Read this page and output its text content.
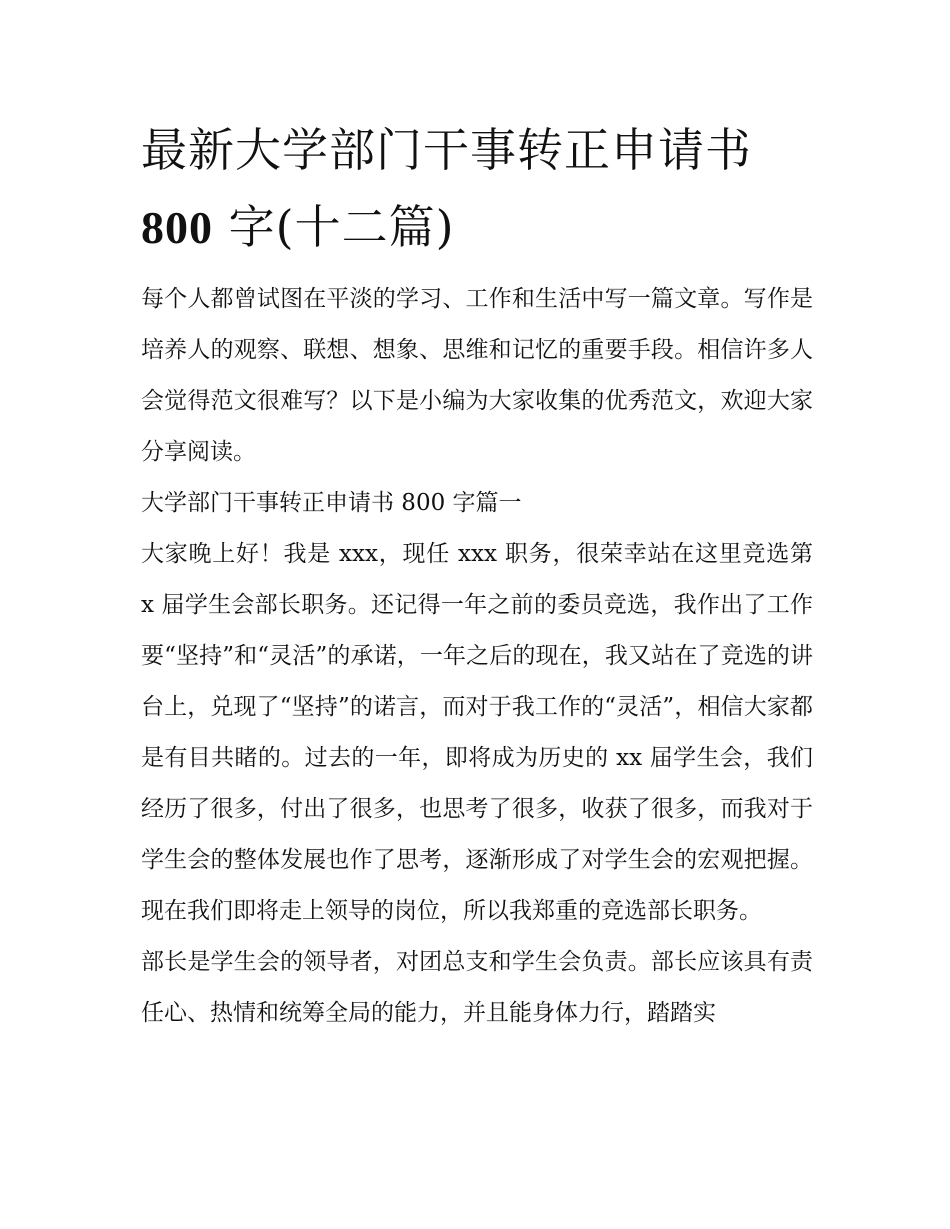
最新大学部门干事转正申请书
800 字(十二篇)

每个人都曾试图在平淡的学习、工作和生活中写一篇文章。写作是培养人的观察、联想、想象、思维和记忆的重要手段。相信许多人会觉得范文很难写？以下是小编为大家收集的优秀范文，欢迎大家分享阅读。

大学部门干事转正申请书 800 字篇一

大家晚上好！我是 xxx，现任 xxx 职务，很荣幸站在这里竞选第 x 届学生会部长职务。还记得一年之前的委员竞选，我作出了工作要“坚持”和“灵活”的承诺，一年之后的现在，我又站在了竞选的讲台上，兑现了“坚持”的诺言，而对于我工作的“灵活”，相信大家都是有目共睹的。过去的一年，即将成为历史的 xx 届学生会，我们经历了很多，付出了很多，也思考了很多，收获了很多，而我对于学生会的整体发展也作了思考，逐渐形成了对学生会的宏观把握。现在我们即将走上领导的岗位，所以我郑重的竞选部长职务。

部长是学生会的领导者，对团总支和学生会负责。部长应该具有责任心、热情和统筹全局的能力，并且能身体力行，踏踏实
